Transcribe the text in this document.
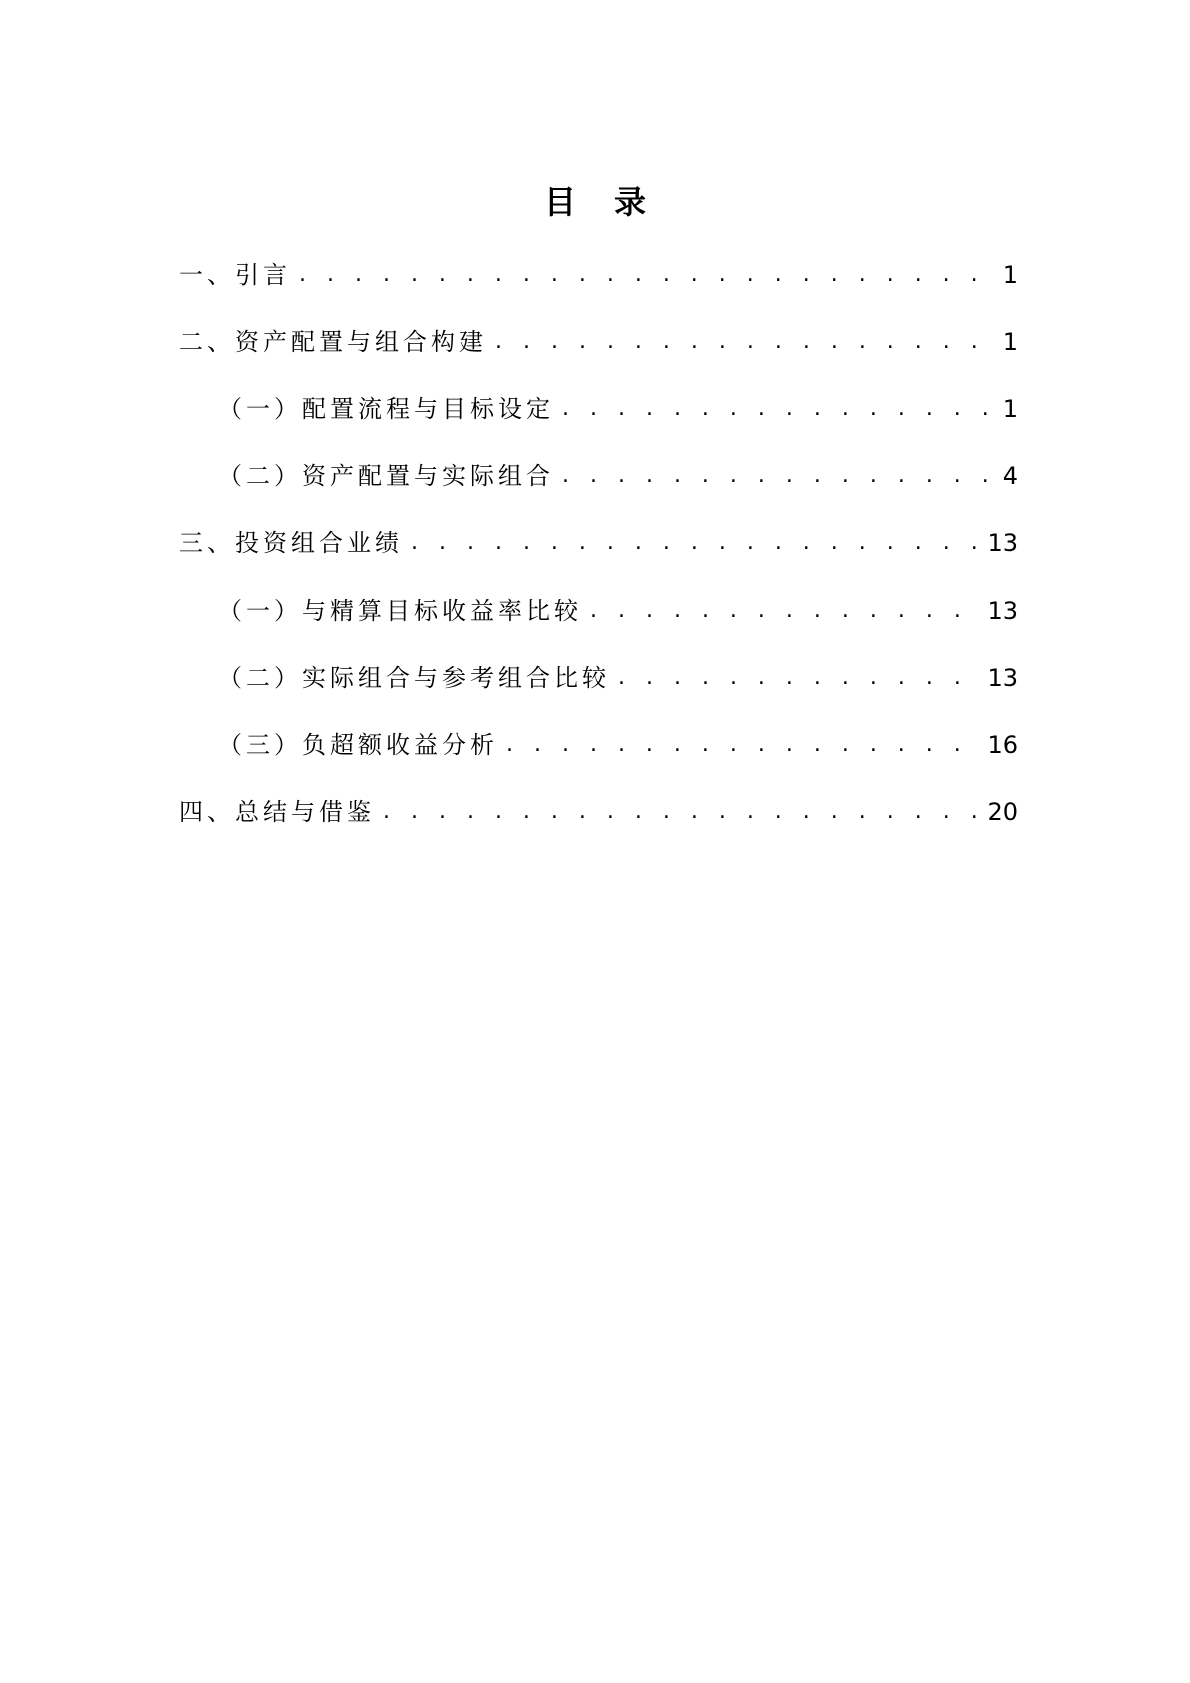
目 录
一、引言 . . .	1
二、资产配置与组合构建 . . .	1
（一）配置流程与目标设定 . . .	1
（二）资产配置与实际组合 . . .	4
三、投资组合业绩 . . .	13
（一）与精算目标收益率比较 . . .	13
（二）实际组合与参考组合比较 . . .	13
（三）负超额收益分析 . . .	16
四、总结与借鉴 . . .	20
